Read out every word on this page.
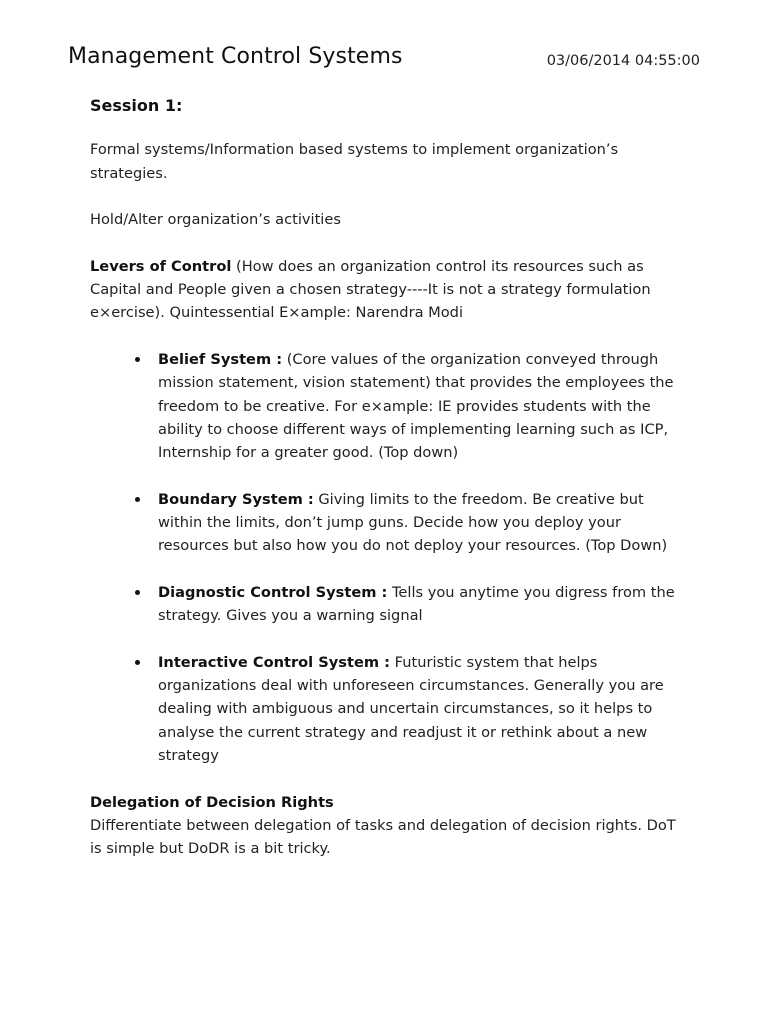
Management Control Systems	03/06/2014 04:55:00
Session 1:

Formal systems/Information based systems to implement organization’s strategies.

Hold/Alter organization’s activities

Levers of Control (How does an organization control its resources such as Capital and People given a chosen strategy----It is not a strategy formulation e×ercise). Quintessential E×ample: Narendra Modi

Belief System : (Core values of the organization conveyed through mission statement, vision statement) that provides the employees the freedom to be creative. For e×ample: IE provides students with the ability to choose different ways of implementing learning such as ICP, Internship for a greater good. (Top down)
Boundary System : Giving limits to the freedom. Be creative but within the limits, don’t jump guns. Decide how you deploy your resources but also how you do not deploy your resources. (Top Down)
Diagnostic Control System : Tells you anytime you digress from the strategy. Gives you a warning signal
Interactive Control System : Futuristic system that helps organizations deal with unforeseen circumstances. Generally you are dealing with ambiguous and uncertain circumstances, so it helps to analyse the current strategy and readjust it or rethink about a new strategy
Delegation of Decision Rights

Differentiate between delegation of tasks and delegation of decision rights. DoT is simple but DoDR is a bit tricky.
